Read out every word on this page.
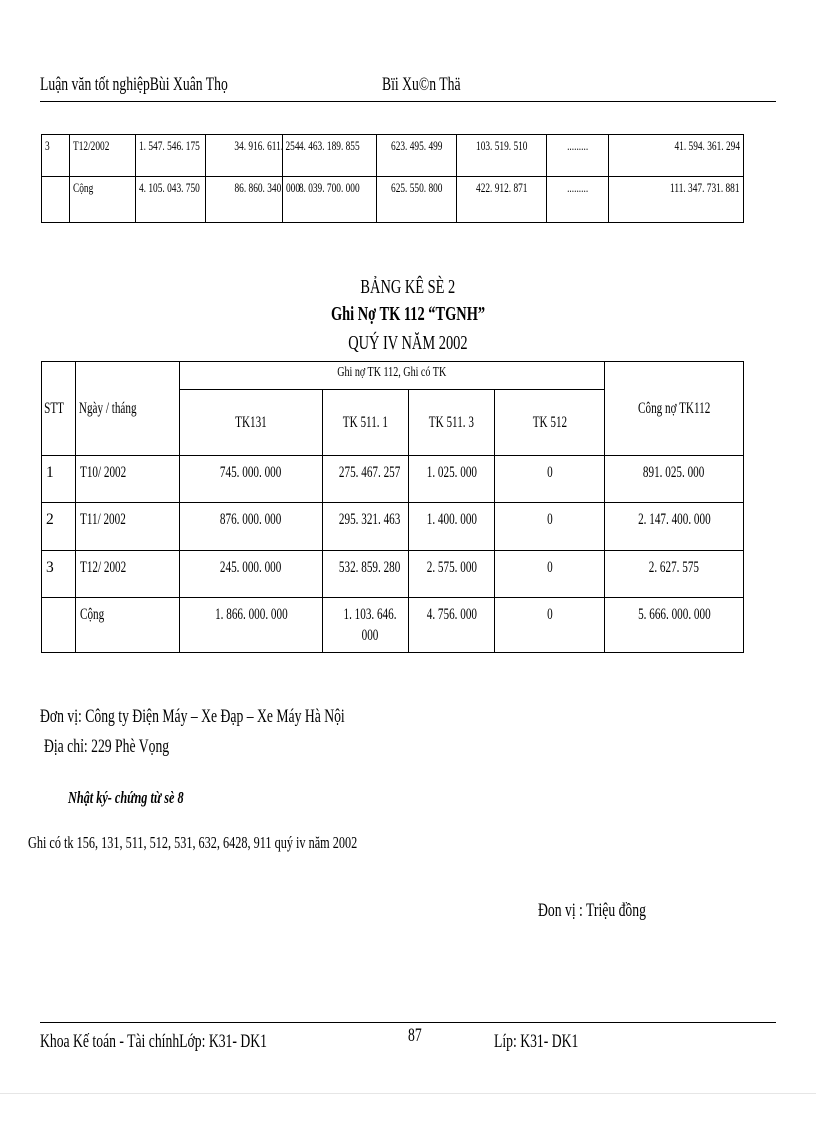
Luận văn tốt nghiệpBùi Xuân Thọ	Bïi Xu©n Thä
3	T12/2002	1. 547. 546. 175	34. 916. 611. 254	4. 463. 189. 855	623. 495. 499	103. 519. 510	.........	41. 594. 361. 294
	Cộng	4. 105. 043. 750	86. 860. 340. 000	8. 039. 700. 000	625. 550. 800	422. 912. 871	.........	111. 347. 731. 881
BẢNG KÊ SÈ 2
Ghi Nợ TK 112 “TGNH”
QUÝ IV NĂM 2002
STT	Ngày / tháng	Ghi nợ TK 112, Ghi có TK				Công nợ TK112
		TK131	TK 511. 1	TK 511. 3	TK 512	
1	T10/ 2002	745. 000. 000	275. 467. 257	1. 025. 000	0	891. 025. 000
2	T11/ 2002	876. 000. 000	295. 321. 463	1. 400. 000	0	2. 147. 400. 000
3	T12/ 2002	245. 000. 000	532. 859. 280	2. 575. 000	0	2. 627. 575
	Cộng	1. 866. 000. 000	1. 103. 646. 000	4. 756. 000	0	5. 666. 000. 000
Đơn vị: Công ty Điện Máy – Xe Đạp – Xe Máy Hà Nội
Địa chỉ: 229 Phè Vọng
Nhật ký- chứng từ sè 8
Ghi có tk 156, 131, 511, 512, 531, 632, 6428, 911 quý iv năm 2002
Đon vị : Triệu đồng
Khoa Kế toán - Tài chínhLớp: K31- DK1	87	Líp: K31- DK1
